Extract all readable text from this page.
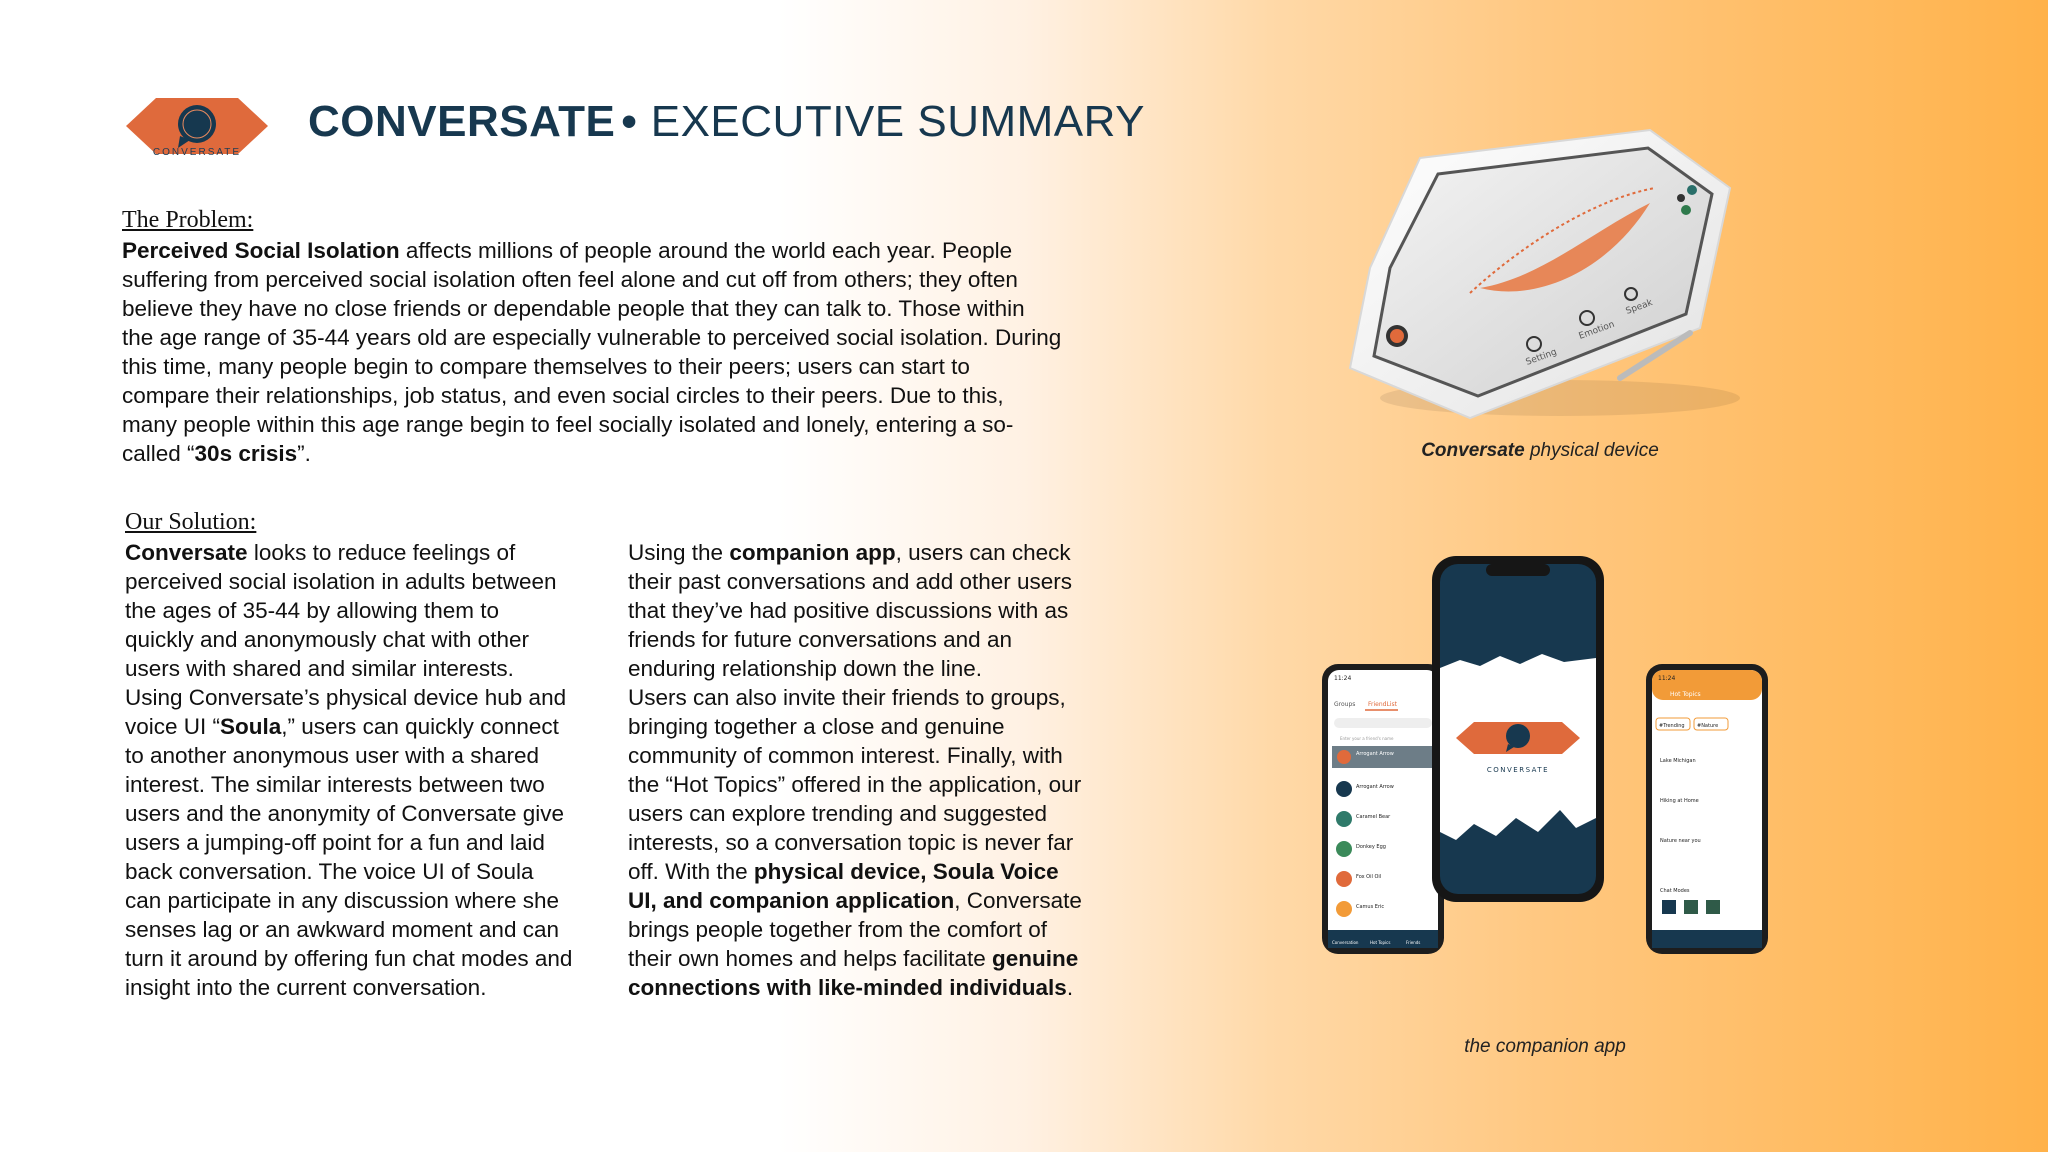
CONVERSATE
CONVERSATE • EXECUTIVE SUMMARY
The Problem:
Perceived Social Isolation affects millions of people around the world each year. People suffering from perceived social isolation often feel alone and cut off from others; they often believe they have no close friends or dependable people that they can talk to. Those within the age range of 35-44 years old are especially vulnerable to perceived social isolation. During this time, many people begin to compare themselves to their peers; users can start to compare their relationships, job status, and even social circles to their peers. Due to this, many people within this age range begin to feel socially isolated and lonely, entering a so-called “30s crisis”.
Our Solution:
Conversate looks to reduce feelings of perceived social isolation in adults between the ages of 35-44 by allowing them to quickly and anonymously chat with other users with shared and similar interests. Using Conversate’s physical device hub and voice UI “Soula,” users can quickly connect to another anonymous user with a shared interest. The similar interests between two users and the anonymity of Conversate give users a jumping-off point for a fun and laid back conversation. The voice UI of Soula can participate in any discussion where she senses lag or an awkward moment and can turn it around by offering fun chat modes and insight into the current conversation.

Using the companion app, users can check their past conversations and add other users that they’ve had positive discussions with as friends for future conversations and an enduring relationship down the line.

Users can also invite their friends to groups, bringing together a close and genuine community of common interest. Finally, with the “Hot Topics” offered in the application, our users can explore trending and suggested interests, so a conversation topic is never far off. With the physical device, Soula Voice UI, and companion application, Conversate brings people together from the comfort of their own homes and helps facilitate genuine connections with like-minded individuals.

Setting
Emotion
Speak
Conversate physical device
11:24
Groups FriendList
Enter your a friend's name
Arrogant Arrow
Arrogant Arrow
Caramel Bear
Donkey Egg
Fox Oil Oil
Camus Eric
Conversation	Hot Topics	Friends
11:24
Hot Topics
#Trending #Nature
Lake Michigan
Hiking at Home
Nature near you
Chat Modes
CONVERSATE
the companion app
